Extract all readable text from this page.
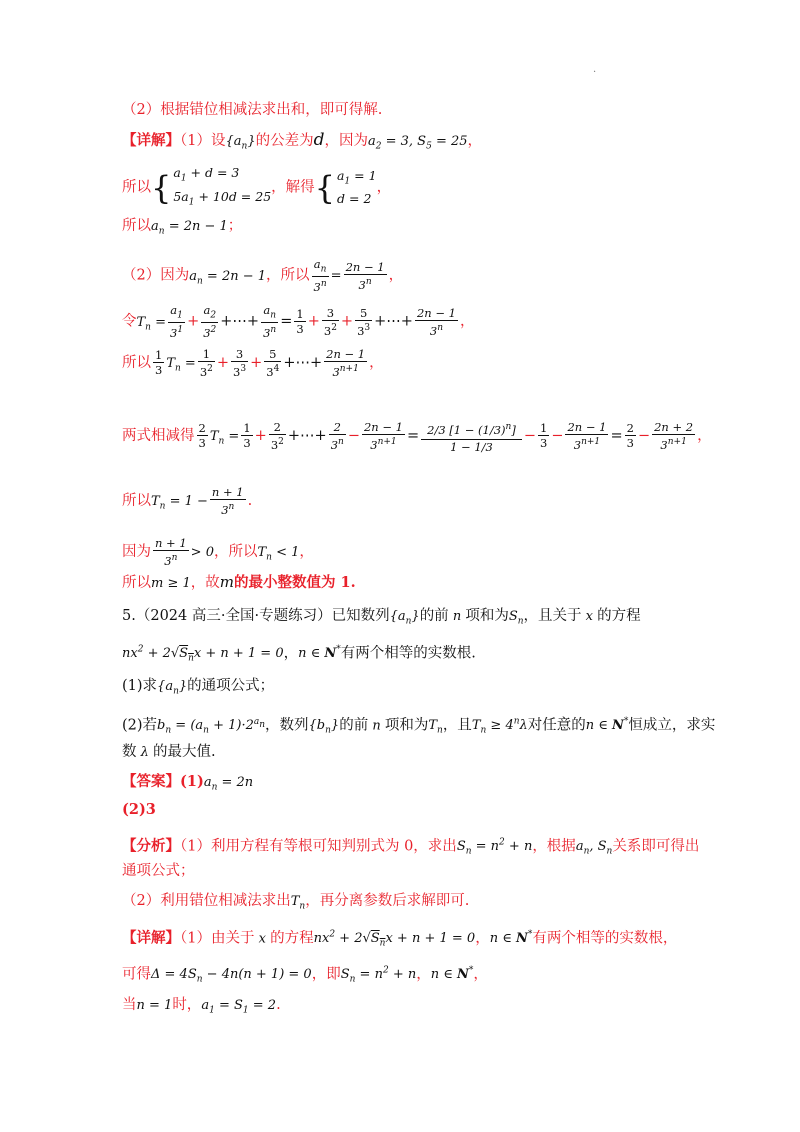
.
（2）根据错位相减法求出和，即可得解.
【详解】（1）设$\{a_n\}$的公差为d，因为$a_2 = 3$, $S_5 = 25$，
所以{ $a_1 + d = 3$
$5a_1 + 10d = 25$，解得{ $a_1 = 1$
d = 2，
所以$a_n = 2n - 1$；
（2）因为$a_n = 2n - 1$，所以 $\frac{a_n}{3^n} = \frac{2n - 1}{3^n}$ ，
令$T_n = \frac{a_1}{3^1} + \frac{a_2}{3^2}$ +⋯+ $\frac{a_n}{3^n} = \frac{1}{3} + \frac{3}{3^2} + \frac{5}{3^3}$ +⋯+ $\frac{2n - 1}{3^n}$ ，
所以 $\frac{1}{3} T_n = \frac{1}{3^2} + \frac{3}{3^3} + \frac{5}{3^4}$ +⋯+ $\frac{2n - 1}{3^{n+1}}$ ，
两式相减得 $\frac{2}{3} T_n = \frac{1}{3} + \frac{2}{3^2}$ +⋯+ $\frac{2}{3^n} - \frac{2n - 1}{3^{n+1}} = \frac{2/3 [1 - (1/3)^n]}{1 - 1/3} - \frac{1}{3} - \frac{2n - 1}{3^{n+1}} = \frac{2}{3} - \frac{2n + 2}{3^{n+1}}$ ，
所以$T_n = 1 - \frac{n + 1}{3^n}$ .
因为 $\frac{n + 1}{3^n} > 0$，所以$T_n < 1$，
所以m ≥ 1，故m的最小整数值为 1.
5.（2024 高三·全国·专题练习）已知数列$\{a_n\}$的前 n 项和为$S_n$，且关于 x 的方程
$nx^2 + 2√S_nx + n + 1 = 0$，n ∈ N*有两个相等的实数根.
(1)求$\{a_n\}$的通项公式；
(2)若$b_n = (a_n + 1)\cdot 2^{a_n}$，数列$\{b_n\}$的前 n 项和为$T_n$，且$T_n \ge 4^n\lambda$对任意的n ∈ N*恒成立，求实
数 λ 的最大值.
【答案】$(1)a_n = 2n$
(2)3
【分析】（1）利用方程有等根可知判别式为 0，求出$S_n = n^2 + n$，根据$a_n$, $S_n$关系即可得出
通项公式；
（2）利用错位相减法求出$T_n$，再分离参数后求解即可.
【详解】（1）由关于 x 的方程$nx^2 + 2√S_nx + n + 1 = 0$，n ∈ N*有两个相等的实数根，
可得$\Delta = 4S_n - 4n(n + 1) = 0$，即$S_n = n^2 + n$，n ∈ N*，
当n = 1时，$a_1 = S_1 = 2$.
